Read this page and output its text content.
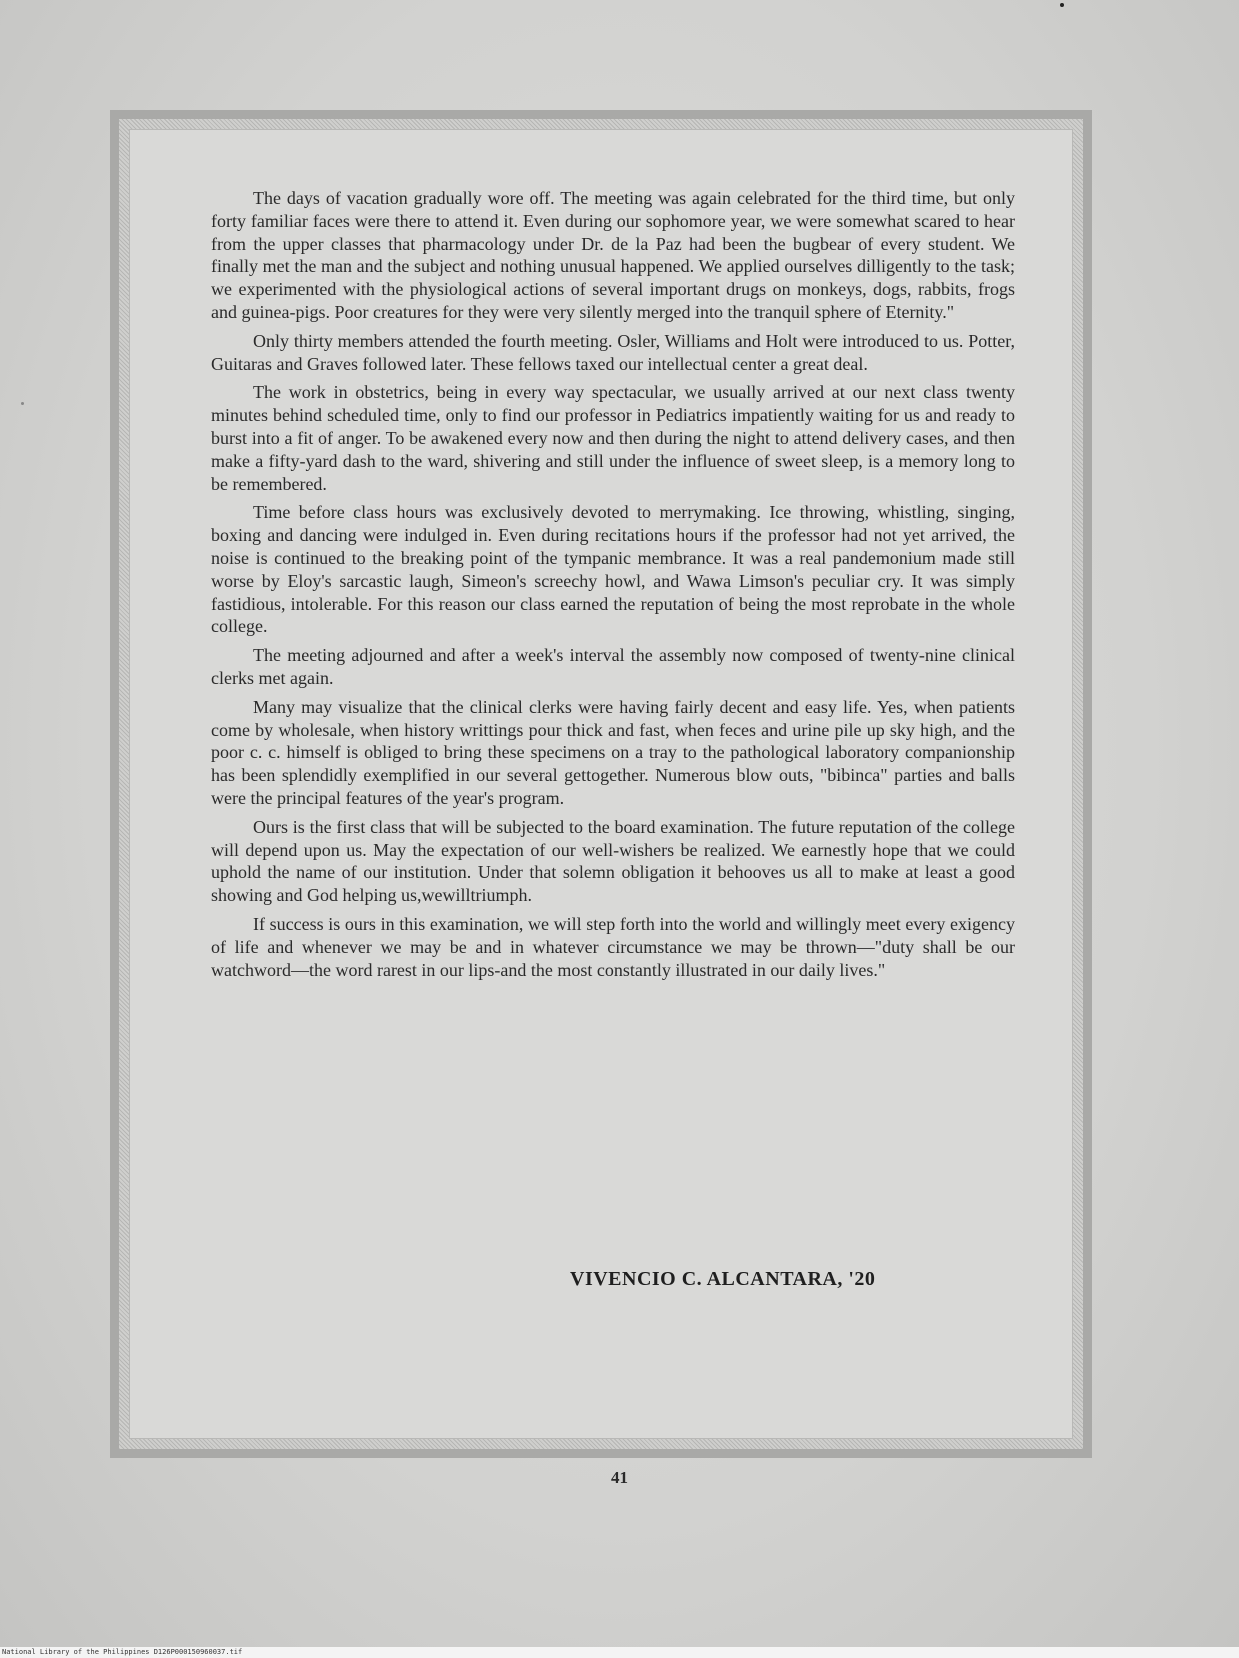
The days of vacation gradually wore off. The meeting was again celebrated for the third time, but only forty familiar faces were there to attend it. Even during our sophomore year, we were somewhat scared to hear from the upper classes that pharmacology under Dr. de la Paz had been the bugbear of every student. We finally met the man and the subject and nothing unusual happened. We applied ourselves dilligently to the task; we experimented with the physiological actions of several important drugs on monkeys, dogs, rabbits, frogs and guinea-pigs. Poor creatures for they were very silently merged into the tranquil sphere of Eternity."

Only thirty members attended the fourth meeting. Osler, Williams and Holt were introduced to us. Potter, Guitaras and Graves followed later. These fellows taxed our intellectual center a great deal.

The work in obstetrics, being in every way spectacular, we usually arrived at our next class twenty minutes behind scheduled time, only to find our professor in Pediatrics impatiently waiting for us and ready to burst into a fit of anger. To be awakened every now and then during the night to attend delivery cases, and then make a fifty-yard dash to the ward, shivering and still under the influence of sweet sleep, is a memory long to be remembered.

Time before class hours was exclusively devoted to merrymaking. Ice throwing, whistling, singing, boxing and dancing were indulged in. Even during recitations hours if the professor had not yet arrived, the noise is continued to the breaking point of the tympanic membrance. It was a real pandemonium made still worse by Eloy's sarcastic laugh, Simeon's screechy howl, and Wawa Limson's peculiar cry. It was simply fastidious, intolerable. For this reason our class earned the reputation of being the most reprobate in the whole college.

The meeting adjourned and after a week's interval the assembly now composed of twenty-nine clinical clerks met again.

Many may visualize that the clinical clerks were having fairly decent and easy life. Yes, when patients come by wholesale, when history writtings pour thick and fast, when feces and urine pile up sky high, and the poor c. c. himself is obliged to bring these specimens on a tray to the pathological laboratory companionship has been splendidly exemplified in our several gettogether. Numerous blow outs, "bibinca" parties and balls were the principal features of the year's program.

Ours is the first class that will be subjected to the board examination. The future reputation of the college will depend upon us. May the expectation of our well-wishers be realized. We earnestly hope that we could uphold the name of our institution. Under that solemn obligation it behooves us all to make at least a good showing and God helping us,wewilltriumph.

If success is ours in this examination, we will step forth into the world and willingly meet every exigency of life and whenever we may be and in whatever circumstance we may be thrown—"duty shall be our watchword—the word rarest in our lips-and the most constantly illustrated in our daily lives."

VIVENCIO C. ALCANTARA, '20
41
National Library of the Philippines D126P000150960037.tif
